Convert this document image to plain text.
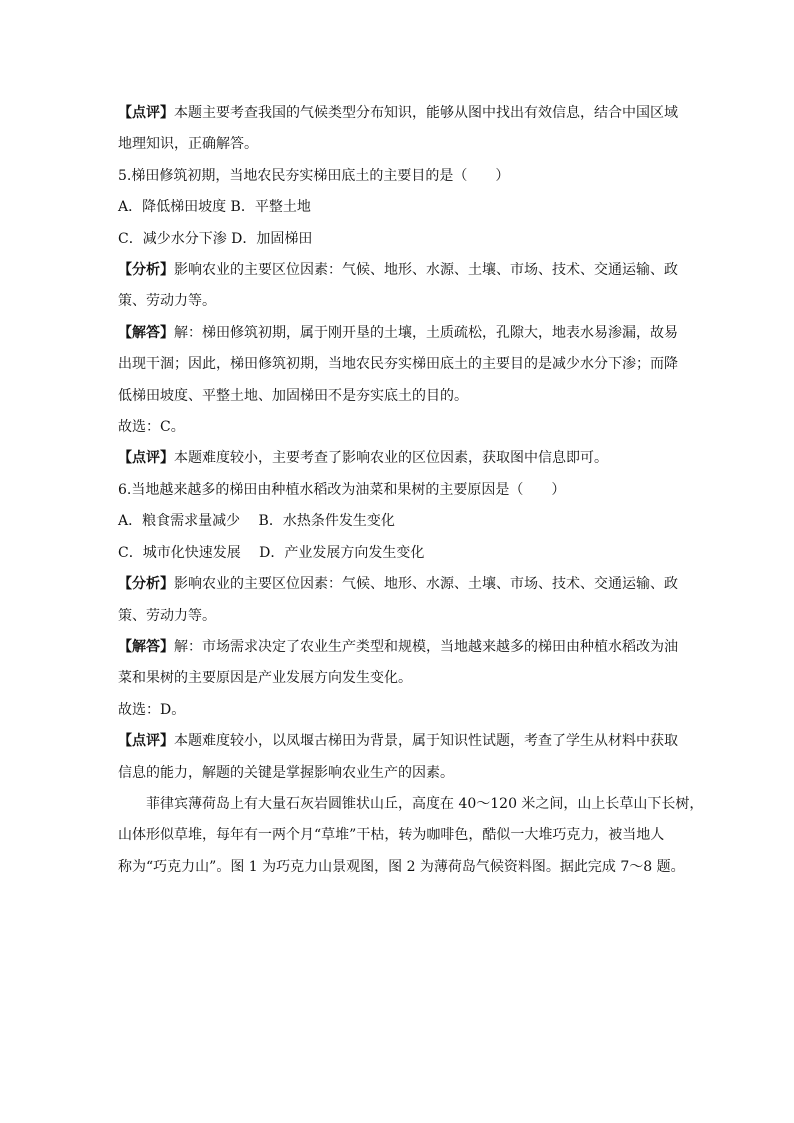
【点评】本题主要考查我国的气候类型分布知识，能够从图中找出有效信息，结合中国区域
地理知识，正确解答。
5.梯田修筑初期，当地农民夯实梯田底土的主要目的是（　　）
A．降低梯田坡度 B．平整土地
C．减少水分下渗 D．加固梯田
【分析】影响农业的主要区位因素：气候、地形、水源、土壤、市场、技术、交通运输、政
策、劳动力等。
【解答】解：梯田修筑初期，属于刚开垦的土壤，土质疏松，孔隙大，地表水易渗漏，故易
出现干涸；因此，梯田修筑初期，当地农民夯实梯田底土的主要目的是减少水分下渗；而降
低梯田坡度、平整土地、加固梯田不是夯实底土的目的。
故选：C。
【点评】本题难度较小，主要考查了影响农业的区位因素，获取图中信息即可。
6.当地越来越多的梯田由种植水稻改为油菜和果树的主要原因是（　　）
A．粮食需求量减少　 B．水热条件发生变化
C．城市化快速发展　 D．产业发展方向发生变化
【分析】影响农业的主要区位因素：气候、地形、水源、土壤、市场、技术、交通运输、政
策、劳动力等。
【解答】解：市场需求决定了农业生产类型和规模，当地越来越多的梯田由种植水稻改为油
菜和果树的主要原因是产业发展方向发生变化。
故选：D。
【点评】本题难度较小，以凤堰古梯田为背景，属于知识性试题，考查了学生从材料中获取
信息的能力，解题的关键是掌握影响农业生产的因素。
菲律宾薄荷岛上有大量石灰岩圆锥状山丘，高度在 40～120 米之间，山上长草山下长树，
山体形似草堆，每年有一两个月“草堆”干枯，转为咖啡色，酷似一大堆巧克力，被当地人
称为“巧克力山”。图 1 为巧克力山景观图，图 2 为薄荷岛气候资料图。据此完成 7～8 题。
